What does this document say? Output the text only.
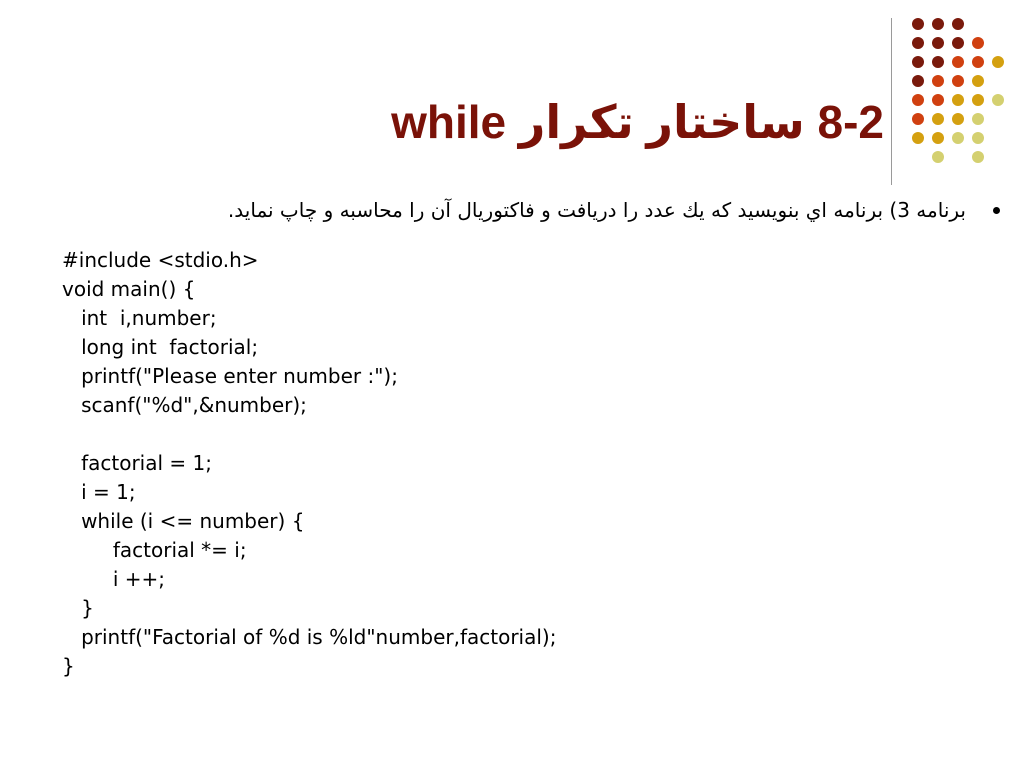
8-2 ساختار تکرار while
برنامه 3) برنامه اي بنويسيد كه يك عدد را دريافت و فاكتوريال آن را محاسبه و چاپ نمايد.
#include <stdio.h>
void main() {
int  i,number;
long int  factorial;
printf("Please enter number :");
scanf("%d",&number);
factorial = 1;
i = 1;
while (i <= number) {
factorial *= i;
i ++;
}
printf("Factorial of %d is %ld"number,factorial);
}
